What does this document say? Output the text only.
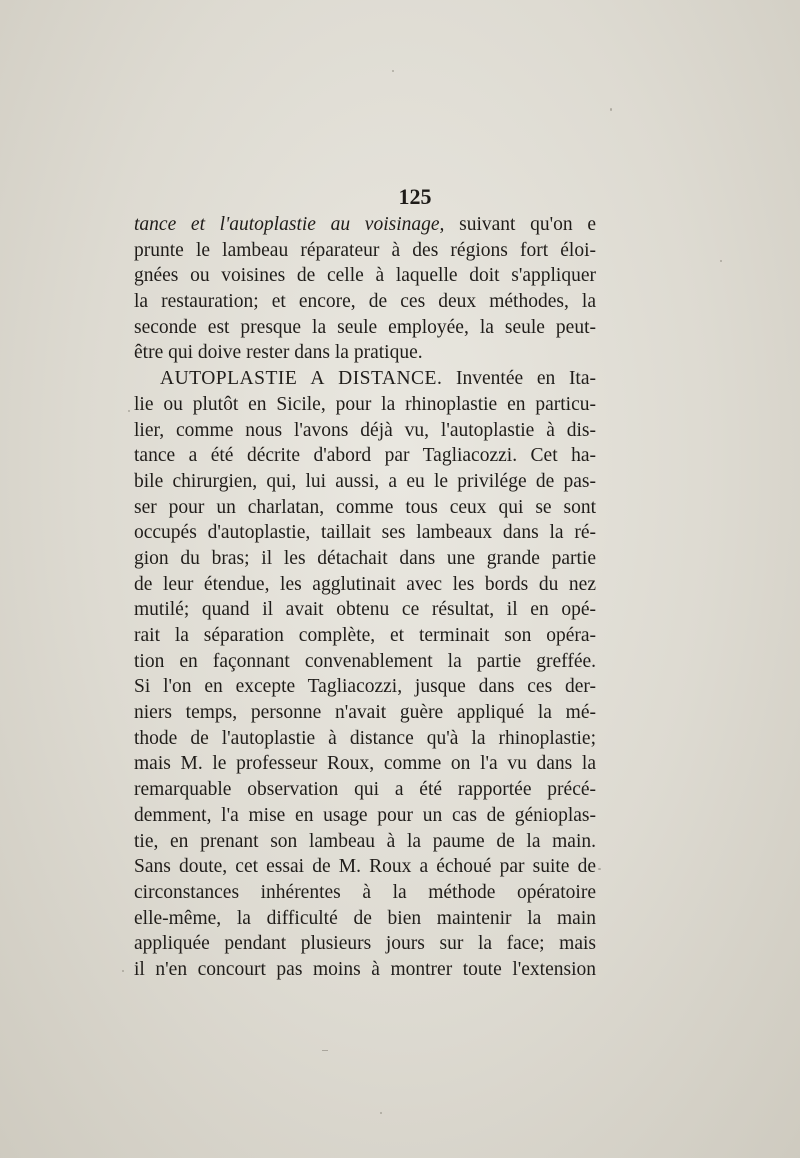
125
tance et l'autoplastie au voisinage, suivant qu'on e
prunte le lambeau réparateur à des régions fort éloi-
gnées ou voisines de celle à laquelle doit s'appliquer
la restauration; et encore, de ces deux méthodes, la
seconde est presque la seule employée, la seule peut-
être qui doive rester dans la pratique.
AUTOPLASTIE A DISTANCE. Inventée en Ita-
lie ou plutôt en Sicile, pour la rhinoplastie en particu-
lier, comme nous l'avons déjà vu, l'autoplastie à dis-
tance a été décrite d'abord par Tagliacozzi. Cet ha-
bile chirurgien, qui, lui aussi, a eu le privilége de pas-
ser pour un charlatan, comme tous ceux qui se sont
occupés d'autoplastie, taillait ses lambeaux dans la ré-
gion du bras; il les détachait dans une grande partie
de leur étendue, les agglutinait avec les bords du nez
mutilé; quand il avait obtenu ce résultat, il en opé-
rait la séparation complète, et terminait son opéra-
tion en façonnant convenablement la partie greffée.
Si l'on en excepte Tagliacozzi, jusque dans ces der-
niers temps, personne n'avait guère appliqué la mé-
thode de l'autoplastie à distance qu'à la rhinoplastie;
mais M. le professeur Roux, comme on l'a vu dans la
remarquable observation qui a été rapportée précé-
demment, l'a mise en usage pour un cas de génioplas-
tie, en prenant son lambeau à la paume de la main.
Sans doute, cet essai de M. Roux a échoué par suite de
circonstances inhérentes à la méthode opératoire
elle-même, la difficulté de bien maintenir la main
appliquée pendant plusieurs jours sur la face; mais
il n'en concourt pas moins à montrer toute l'extension
